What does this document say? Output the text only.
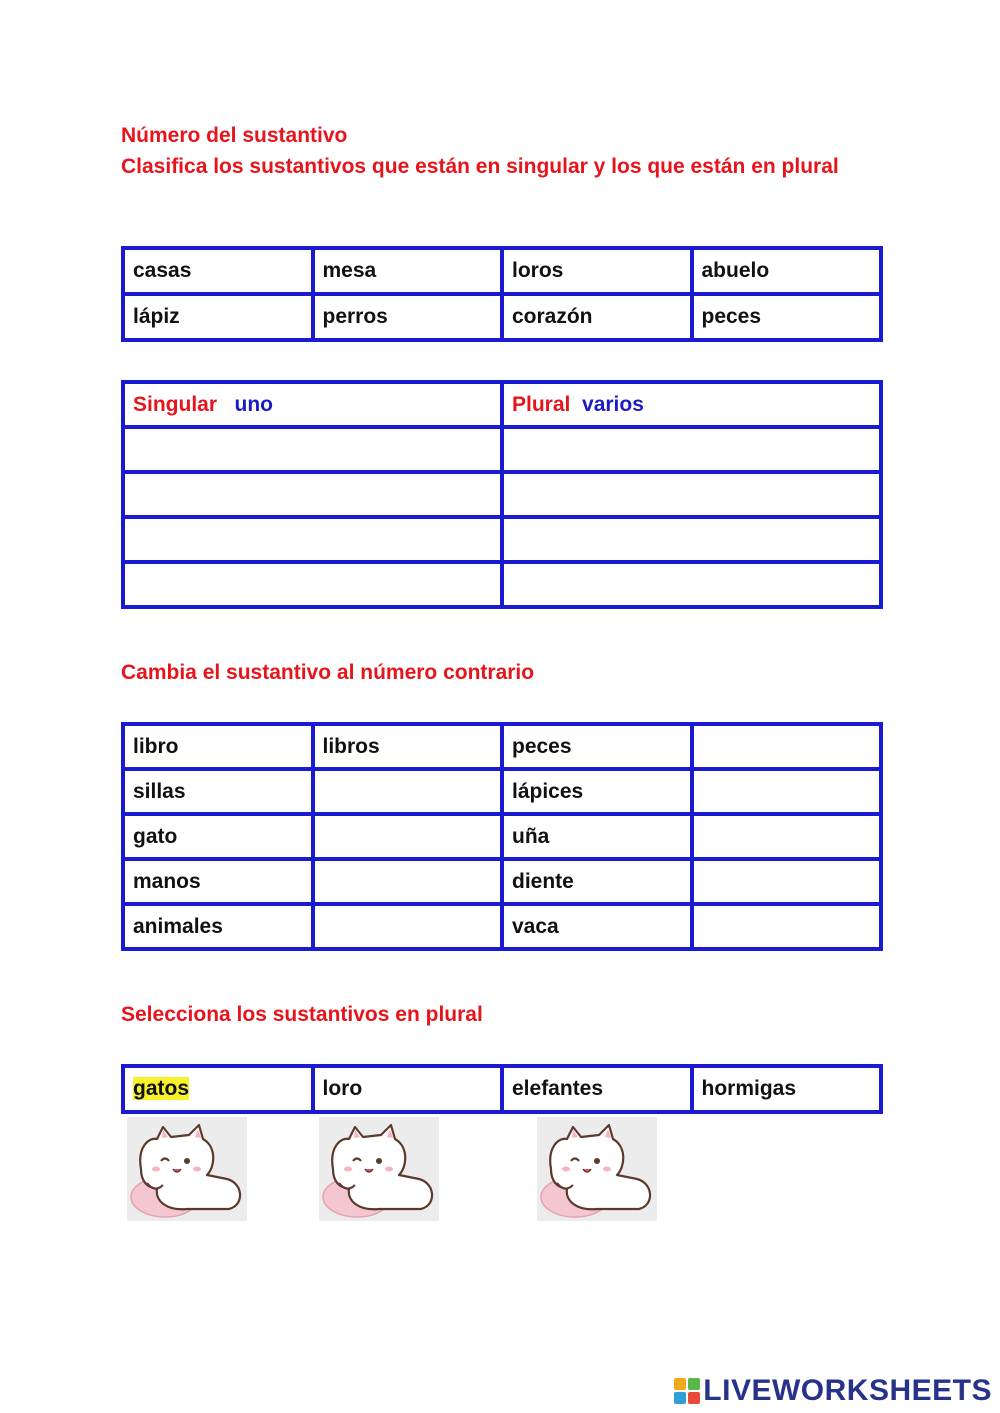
Número del sustantivo
Clasifica los sustantivos que están en singular y los que están en plural
casas	mesa	loros	abuelo
lápiz	perros	corazón	peces
Singular uno	Plural varios

Cambia el sustantivo al número contrario
libro	libros	peces	
sillas		lápices	
gato		uña	
manos		diente	
animales		vaca	
Selecciona los sustantivos en plural
gatos	loro	elefantes	hormigas
LIVEWORKSHEETS
